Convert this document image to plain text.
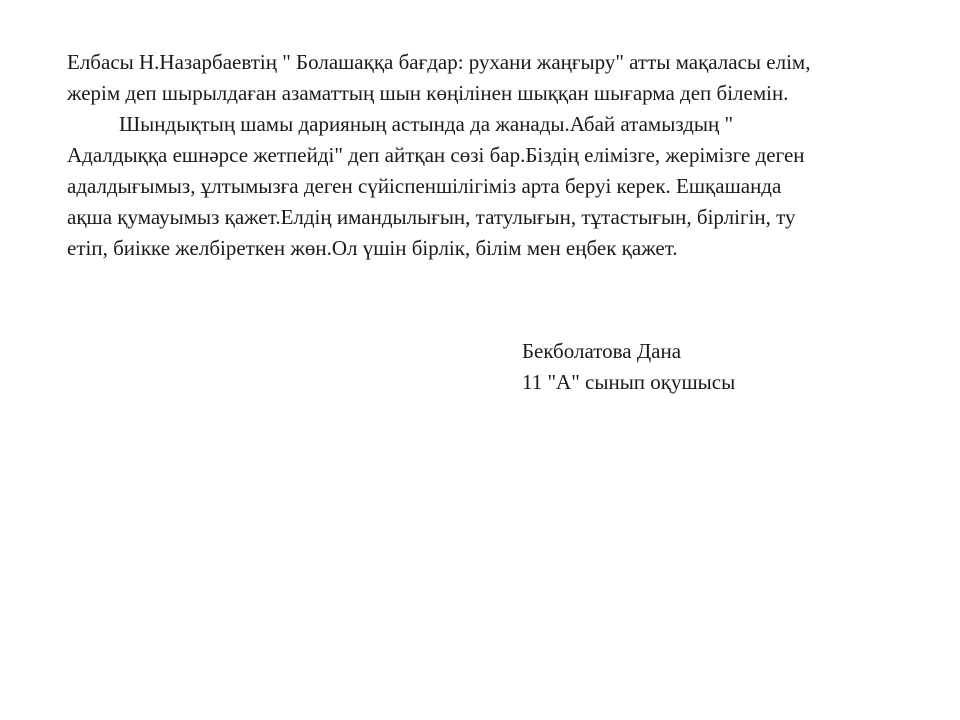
Елбасы Н.Назарбаевтің " Болашаққа бағдар: рухани жаңғыру" атты мақаласы елім,
жерім деп шырылдаған азаматтың шын көңілінен шыққан шығарма деп білемін.
Шындықтың шамы дарияның астында да жанады.Абай атамыздың "
Адалдыққа ешнәрсе жетпейді" деп айтқан сөзі бар.Біздің елімізге, жерімізге деген
адалдығымыз, ұлтымызға деген сүйіспеншілігіміз арта беруі керек. Ешқашанда
ақша қумауымыз қажет.Елдің имандылығын, татулығын, тұтастығын, бірлігін, ту
етіп, биікке желбіреткен жөн.Ол үшін бірлік, білім мен еңбек қажет.
Бекболатова Дана
11 "А" сынып оқушысы
